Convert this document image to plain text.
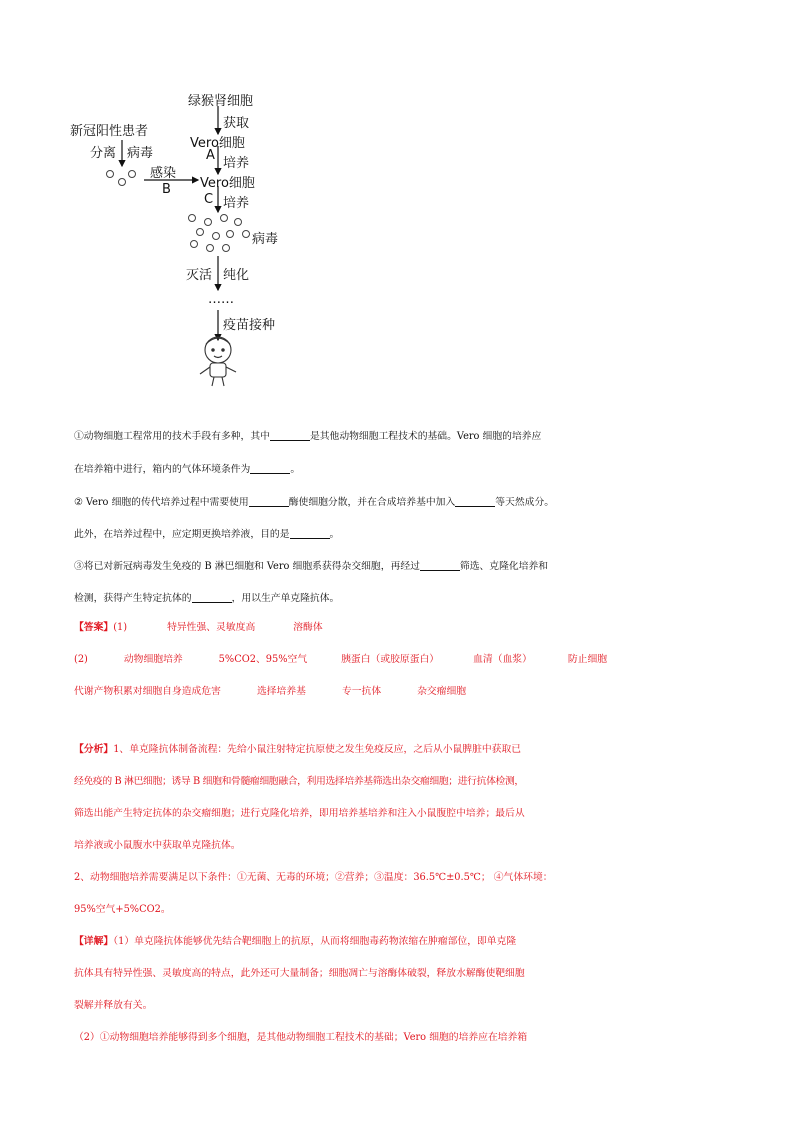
绿猴肾细胞
获取
Vero细胞
A
培养
新冠阳性患者
分离 病毒
感染
B Vero细胞
C 培养
病毒
灭活 纯化
……
疫苗接种
①动物细胞工程常用的技术手段有多种，其中	是其他动物细胞工程技术的基础。Vero 细胞的培养应
在培养箱中进行，箱内的气体环境条件为	。
② Vero 细胞的传代培养过程中需要使用	酶使细胞分散，并在合成培养基中加入	等天然成分。
此外，在培养过程中，应定期更换培养液，目的是	。
③将已对新冠病毒发生免疫的 B 淋巴细胞和 Vero 细胞系获得杂交细胞，再经过	筛选、克隆化培养和
检测，获得产生特定抗体的	，用以生产单克隆抗体。
【答案】(1)	特异性强、灵敏度高	溶酶体
(2)	动物细胞培养	5%CO2、95%空气	胰蛋白（或胶原蛋白）	血清（血浆）	防止细胞
代谢产物积累对细胞自身造成危害	选择培养基	专一抗体	杂交瘤细胞
【分析】1、单克隆抗体制备流程：先给小鼠注射特定抗原使之发生免疫反应，之后从小鼠脾脏中获取已
经免疫的 B 淋巴细胞；诱导 B 细胞和骨髓瘤细胞融合，利用选择培养基筛选出杂交瘤细胞；进行抗体检测，
筛选出能产生特定抗体的杂交瘤细胞；进行克隆化培养，即用培养基培养和注入小鼠腹腔中培养；最后从
培养液或小鼠腹水中获取单克隆抗体。
2、动物细胞培养需要满足以下条件：①无菌、无毒的环境；②营养；③温度：36.5℃±0.5℃； ④气体环境：
95%空气+5%CO2。
【详解】（1）单克隆抗体能够优先结合靶细胞上的抗原，从而将细胞毒药物浓缩在肿瘤部位，即单克隆
抗体具有特异性强、灵敏度高的特点，此外还可大量制备；细胞凋亡与溶酶体破裂，释放水解酶使靶细胞
裂解并释放有关。
（2）①动物细胞培养能够得到多个细胞，是其他动物细胞工程技术的基础；Vero 细胞的培养应在培养箱
